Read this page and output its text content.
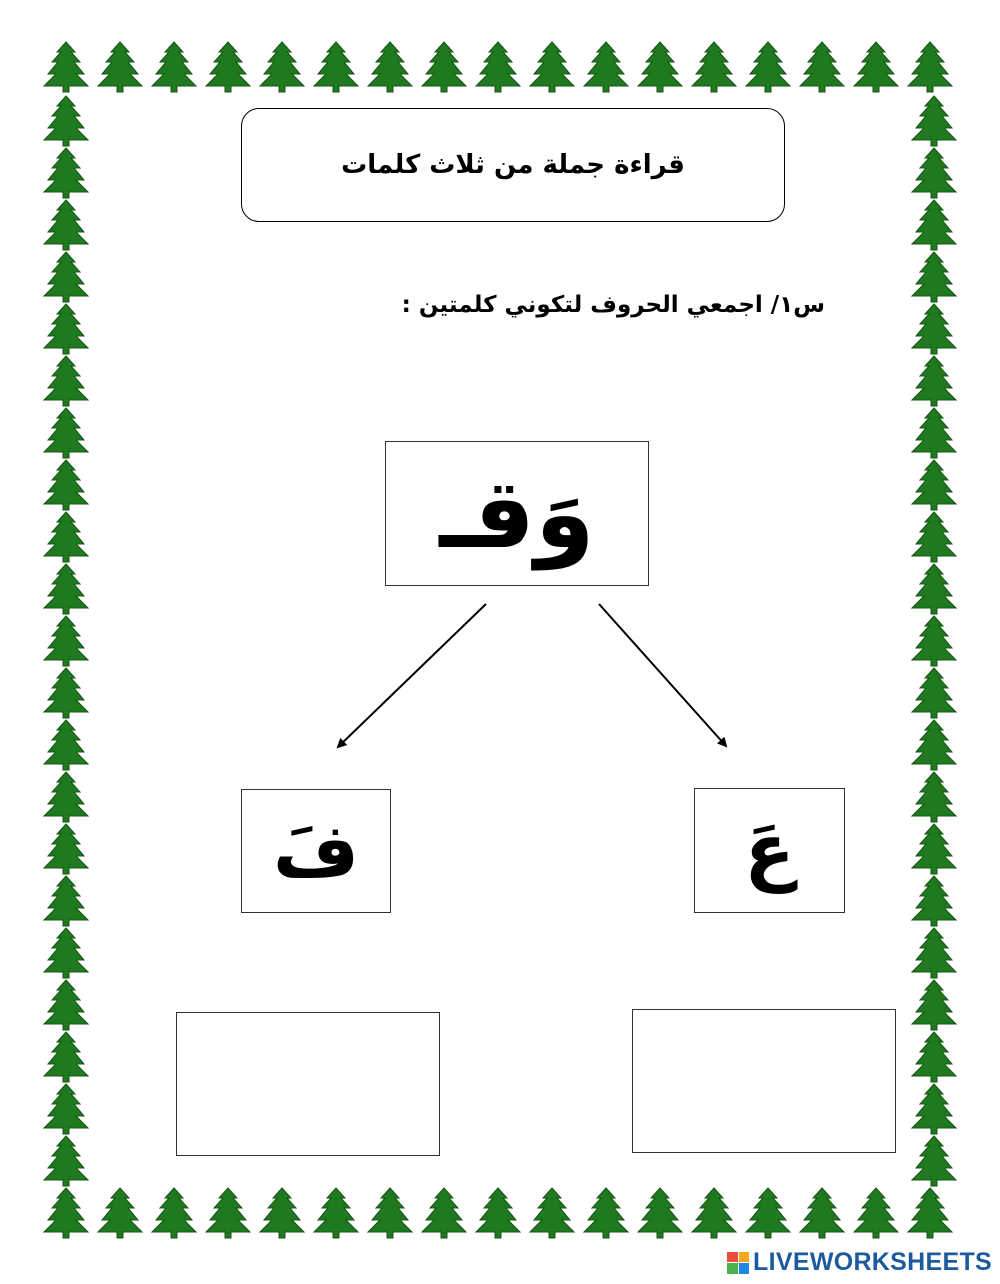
قراءة جملة من ثلاث كلمات
س١/ اجمعي الحروف لتكوني كلمتين :
وَقـ
فَ	عَ
LIVEWORKSHEETS
